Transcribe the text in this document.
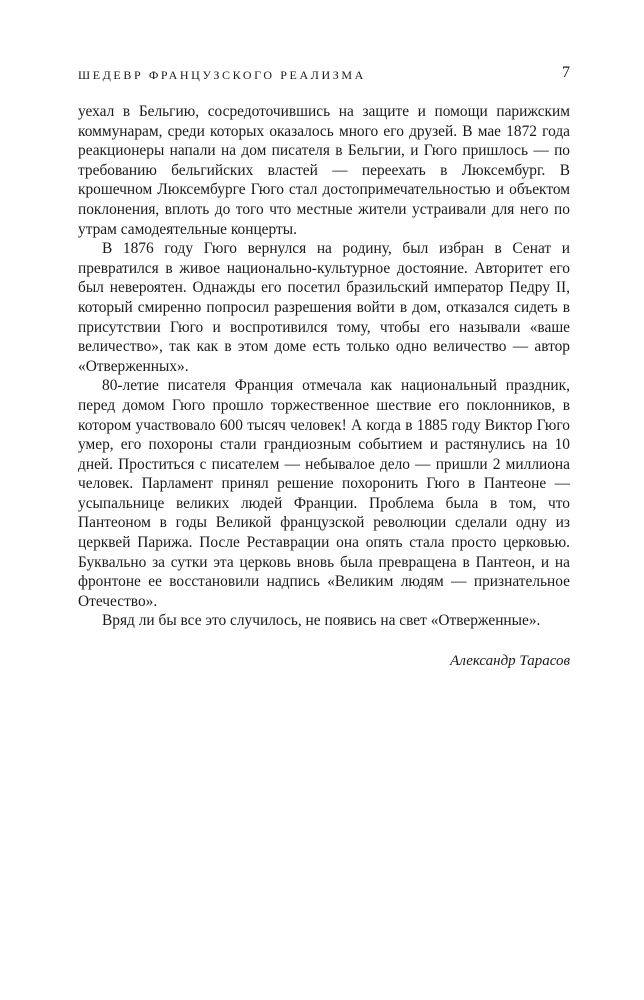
ШЕДЕВР ФРАНЦУЗСКОГО РЕАЛИЗМА	7

уехал в Бельгию, сосредоточившись на защите и помощи парижским коммунарам, среди которых оказалось много его друзей. В мае 1872 года реакционеры напали на дом писателя в Бельгии, и Гюго пришлось — по требованию бельгийских властей — переехать в Люксембург. В крошечном Люксембурге Гюго стал достопримечательностью и объектом поклонения, вплоть до того что местные жители устраивали для него по утрам самодеятельные концерты.

В 1876 году Гюго вернулся на родину, был избран в Сенат и превратился в живое национально-культурное достояние. Авторитет его был невероятен. Однажды его посетил бразильский император Педру II, который смиренно попросил разрешения войти в дом, отказался сидеть в присутствии Гюго и воспротивился тому, чтобы его называли «ваше величество», так как в этом доме есть только одно величество — автор «Отверженных».

80-летие писателя Франция отмечала как национальный праздник, перед домом Гюго прошло торжественное шествие его поклонников, в котором участвовало 600 тысяч человек! А когда в 1885 году Виктор Гюго умер, его похороны стали грандиозным событием и растянулись на 10 дней. Проститься с писателем — небывалое дело — пришли 2 миллиона человек. Парламент принял решение похоронить Гюго в Пантеоне — усыпальнице великих людей Франции. Проблема была в том, что Пантеоном в годы Великой французской революции сделали одну из церквей Парижа. После Реставрации она опять стала просто церковью. Буквально за сутки эта церковь вновь была превращена в Пантеон, и на фронтоне ее восстановили надпись «Великим людям — признательное Отечество».

Вряд ли бы все это случилось, не появись на свет «Отверженные».

Александр Тарасов
